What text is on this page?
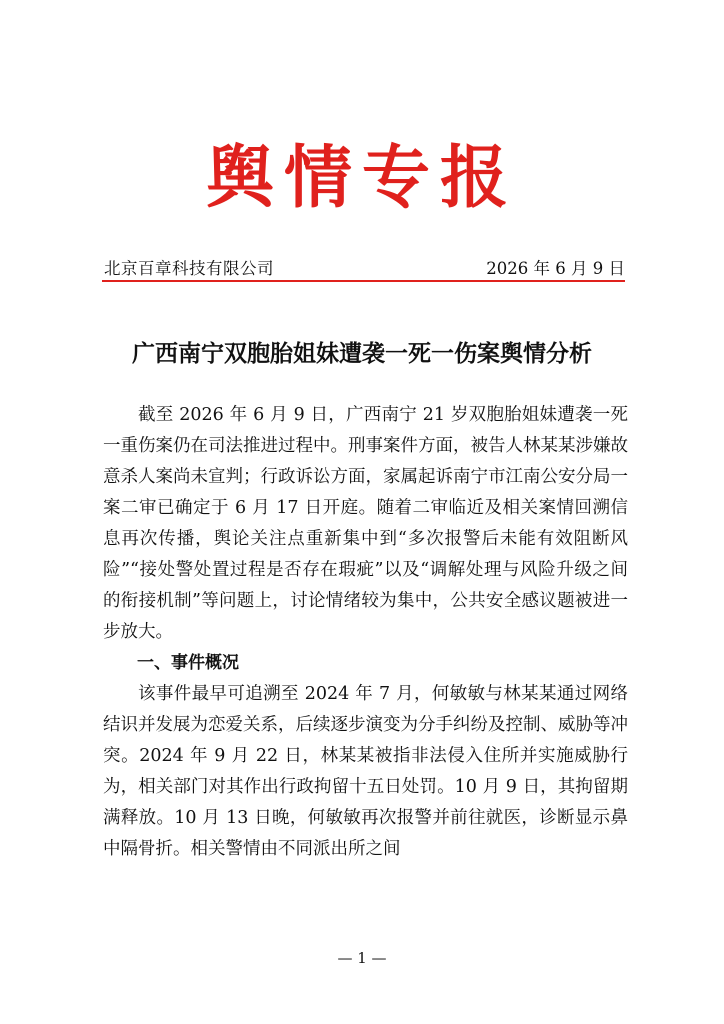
舆情专报
北京百章科技有限公司	2026 年 6 月 9 日
广西南宁双胞胎姐妹遭袭一死一伤案舆情分析

截至 2026 年 6 月 9 日，广西南宁 21 岁双胞胎姐妹遭袭一死一重伤案仍在司法推进过程中。刑事案件方面，被告人林某某涉嫌故意杀人案尚未宣判；行政诉讼方面，家属起诉南宁市江南公安分局一案二审已确定于 6 月 17 日开庭。随着二审临近及相关案情回溯信息再次传播，舆论关注点重新集中到“多次报警后未能有效阻断风险”“接处警处置过程是否存在瑕疵”以及“调解处理与风险升级之间的衔接机制”等问题上，讨论情绪较为集中，公共安全感议题被进一步放大。

一、事件概况

该事件最早可追溯至 2024 年 7 月，何敏敏与林某某通过网络结识并发展为恋爱关系，后续逐步演变为分手纠纷及控制、威胁等冲突。2024 年 9 月 22 日，林某某被指非法侵入住所并实施威胁行为，相关部门对其作出行政拘留十五日处罚。10 月 9 日，其拘留期满释放。10 月 13 日晚，何敏敏再次报警并前往就医，诊断显示鼻中隔骨折。相关警情由不同派出所之间

— 1 —
